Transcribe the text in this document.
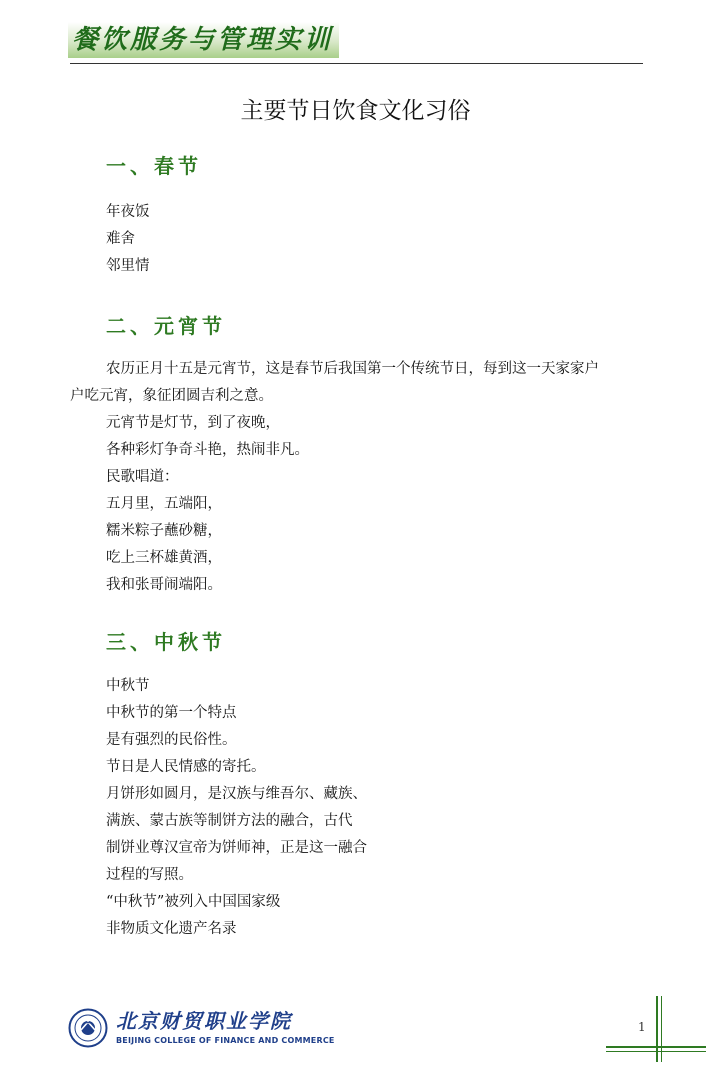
餐饮服务与管理实训
主要节日饮食文化习俗
一、春节
年夜饭
难舍
邻里情
二、元宵节
农历正月十五是元宵节，这是春节后我国第一个传统节日，每到这一天家家户
户吃元宵，象征团圆吉利之意。
元宵节是灯节，到了夜晚，
各种彩灯争奇斗艳，热闹非凡。
民歌唱道：
五月里，五端阳，
糯米粽子蘸砂糖，
吃上三杯雄黄酒，
我和张哥闹端阳。
三、中秋节
中秋节
中秋节的第一个特点
是有强烈的民俗性。
节日是人民情感的寄托。
月饼形如圆月，是汉族与维吾尔、藏族、
满族、蒙古族等制饼方法的融合，古代
制饼业尊汉宣帝为饼师神，正是这一融合
过程的写照。
“中秋节”被列入中国国家级
非物质文化遗产名录
北京财贸职业学院
BEIJING COLLEGE OF FINANCE AND COMMERCE
1
